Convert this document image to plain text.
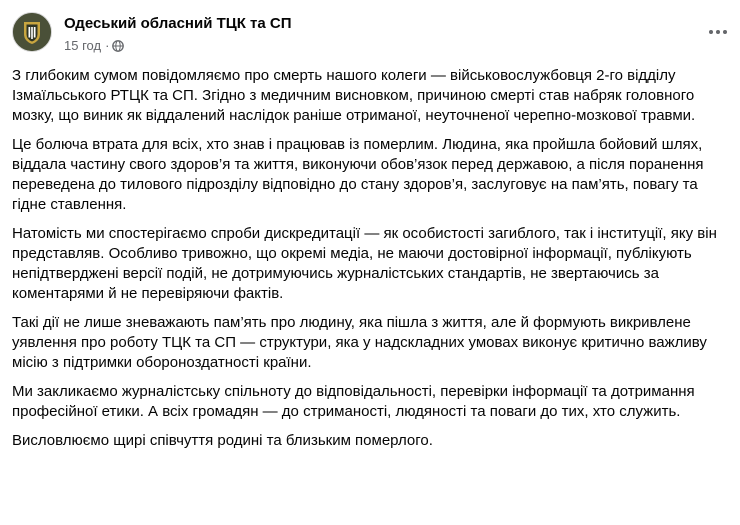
Одеський обласний ТЦК та СП
15 год ·

З глибоким сумом повідомляємо про смерть нашого колеги — військовослужбовця 2-го відділу Ізмаїльського РТЦК та СП. Згідно з медичним висновком, причиною смерті став набряк головного мозку, що виник як віддалений наслідок раніше отриманої, неуточненої черепно-мозкової травми.

Це болюча втрата для всіх, хто знав і працював із померлим. Людина, яка пройшла бойовий шлях, віддала частину свого здоров’я та життя, виконуючи обов’язок перед державою, а після поранення переведена до тилового підрозділу відповідно до стану здоров’я, заслуговує на пам’ять, повагу та гідне ставлення.

Натомість ми спостерігаємо спроби дискредитації — як особистості загиблого, так і інституції, яку він представляв. Особливо тривожно, що окремі медіа, не маючи достовірної інформації, публікують непідтверджені версії подій, не дотримуючись журналістських стандартів, не звертаючись за коментарями й не перевіряючи фактів.

Такі дії не лише зневажають пам’ять про людину, яка пішла з життя, але й формують викривлене уявлення про роботу ТЦК та СП — структури, яка у надскладних умовах виконує критично важливу місію з підтримки обороноздатності країни.

Ми закликаємо журналістську спільноту до відповідальності, перевірки інформації та дотримання професійної етики. А всіх громадян — до стриманості, людяності та поваги до тих, хто служить.

Висловлюємо щирі співчуття родині та близьким померлого.
